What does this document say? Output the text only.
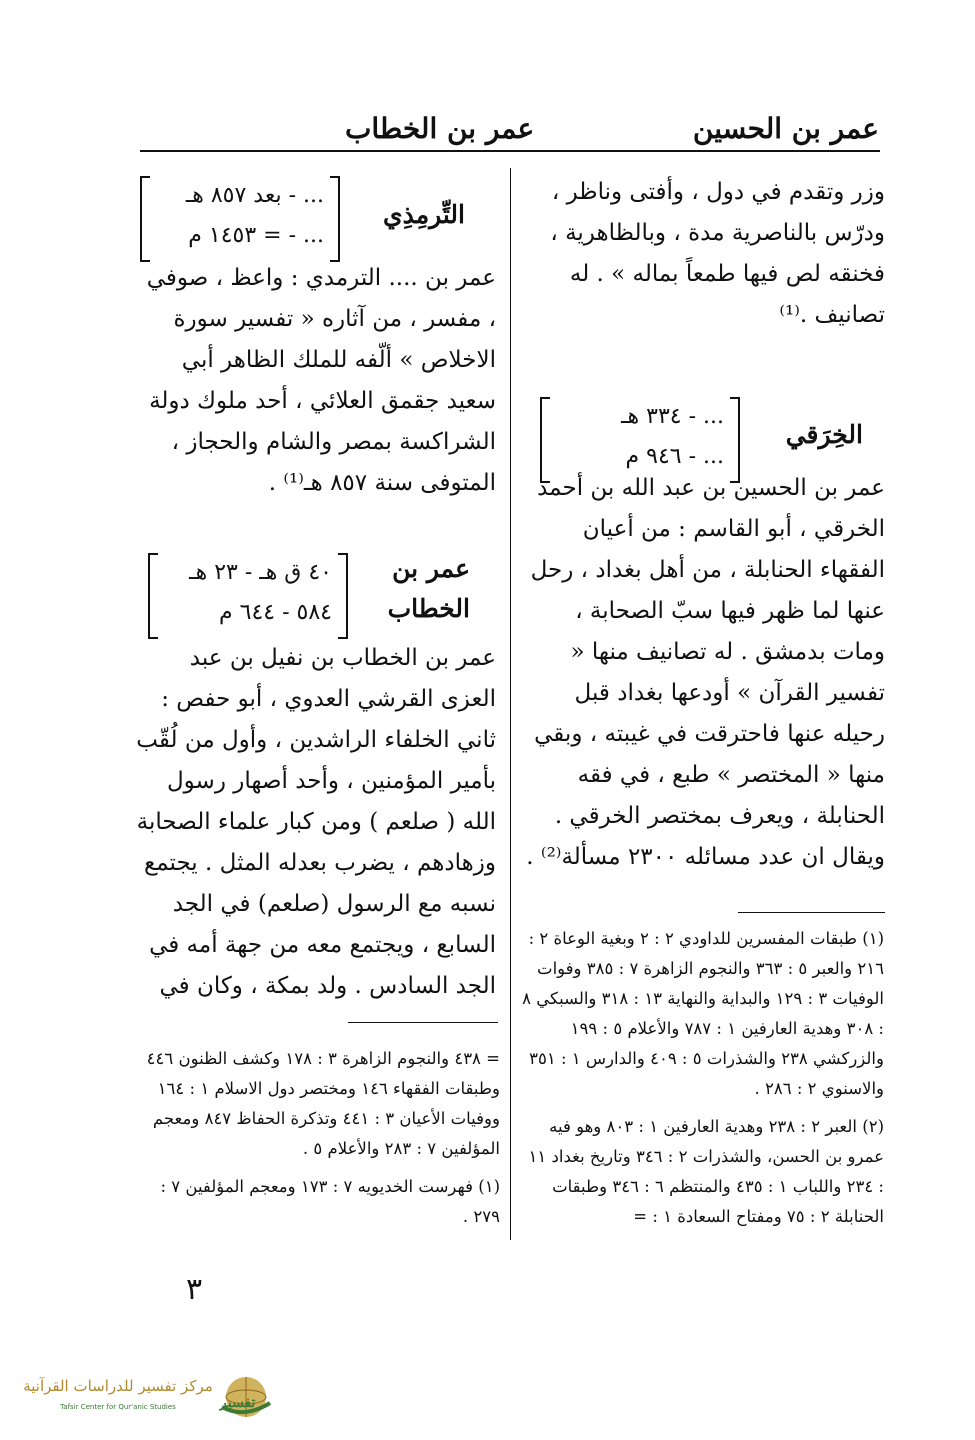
عمر بن الحسين
عمر بن الخطاب

وزر وتقدم في دول ، وأفتى وناظر ، ودرّس بالناصرية مدة ، وبالظاهرية ، فخنقه لص فيها طمعاً بماله » . له تصانيف .⁽¹⁾

الخِرَقي
... - ٣٣٤ هـ
... - ٩٤٦ م

عمر بن الحسين بن عبد الله بن أحمد الخرقي ، أبو القاسم : من أعيان الفقهاء الحنابلة ، من أهل بغداد ، رحل عنها لما ظهر فيها سبّ الصحابة ، ومات بدمشق . له تصانيف منها « تفسير القرآن » أودعها بغداد قبل رحيله عنها فاحترقت في غيبته ، وبقي منها « المختصر » طبع ، في فقه الحنابلة ، ويعرف بمختصر الخرقي . ويقال ان عدد مسائله ٢٣٠٠ مسألة⁽²⁾ .

(١) طبقات المفسرين للداودي ٢ : ٢ وبغية الوعاة ٢ : ٢١٦ والعبر ٥ : ٣٦٣ والنجوم الزاهرة ٧ : ٣٨٥ وفوات الوفيات ٣ : ١٢٩ والبداية والنهاية ١٣ : ٣١٨ والسبكي ٨ : ٣٠٨ وهدية العارفين ١ : ٧٨٧ والأعلام ٥ : ١٩٩ والزركشي ٢٣٨ والشذرات ٥ : ٤٠٩ والدارس ١ : ٣٥١ والاسنوي ٢ : ٢٨٦ .

(٢) العبر ٢ : ٢٣٨ وهدية العارفين ١ : ٨٠٣ وهو فيه عمرو بن الحسن، والشذرات ٢ : ٣٤٦ وتاريخ بغداد ١١ : ٢٣٤ واللباب ١ : ٤٣٥ والمنتظم ٦ : ٣٤٦ وطبقات الحنابلة ٢ : ٧٥ ومفتاح السعادة ١ : =

التِّرمِذِي
... - بعد ٨٥٧ هـ
... - = ١٤٥٣ م

عمر بن .... الترمدي : واعظ ، صوفي ، مفسر ، من آثاره « تفسير سورة الاخلاص » ألّفه للملك الظاهر أبي سعيد جقمق العلائي ، أحد ملوك دولة الشراكسة بمصر والشام والحجاز ، المتوفى سنة ٨٥٧ هـ⁽¹⁾ .

عمر بن
الخطاب
٤٠ ق هـ - ٢٣ هـ
٥٨٤ - ٦٤٤ م

عمر بن الخطاب بن نفيل بن عبد العزى القرشي العدوي ، أبو حفص : ثاني الخلفاء الراشدين ، وأول من لُقّب بأمير المؤمنين ، وأحد أصهار رسول الله ( صلعم ) ومن كبار علماء الصحابة وزهادهم ، يضرب بعدله المثل . يجتمع نسبه مع الرسول (صلعم) في الجد السابع ، ويجتمع معه من جهة أمه في الجد السادس . ولد بمكة ، وكان في

= ٤٣٨ والنجوم الزاهرة ٣ : ١٧٨ وكشف الظنون ٤٤٦ وطبقات الفقهاء ١٤٦ ومختصر دول الاسلام ١ : ١٦٤ ووفيات الأعيان ٣ : ٤٤١ وتذكرة الحفاظ ٨٤٧ ومعجم المؤلفين ٧ : ٢٨٣ والأعلام ٥ .

(١) فهرست الخديويه ٧ : ١٧٣ ومعجم المؤلفين ٧ : ٢٧٩ .

٣
تفسير
مركز تفسير للدراسات القرآنية
Tafsir Center for Qur'anic Studies
